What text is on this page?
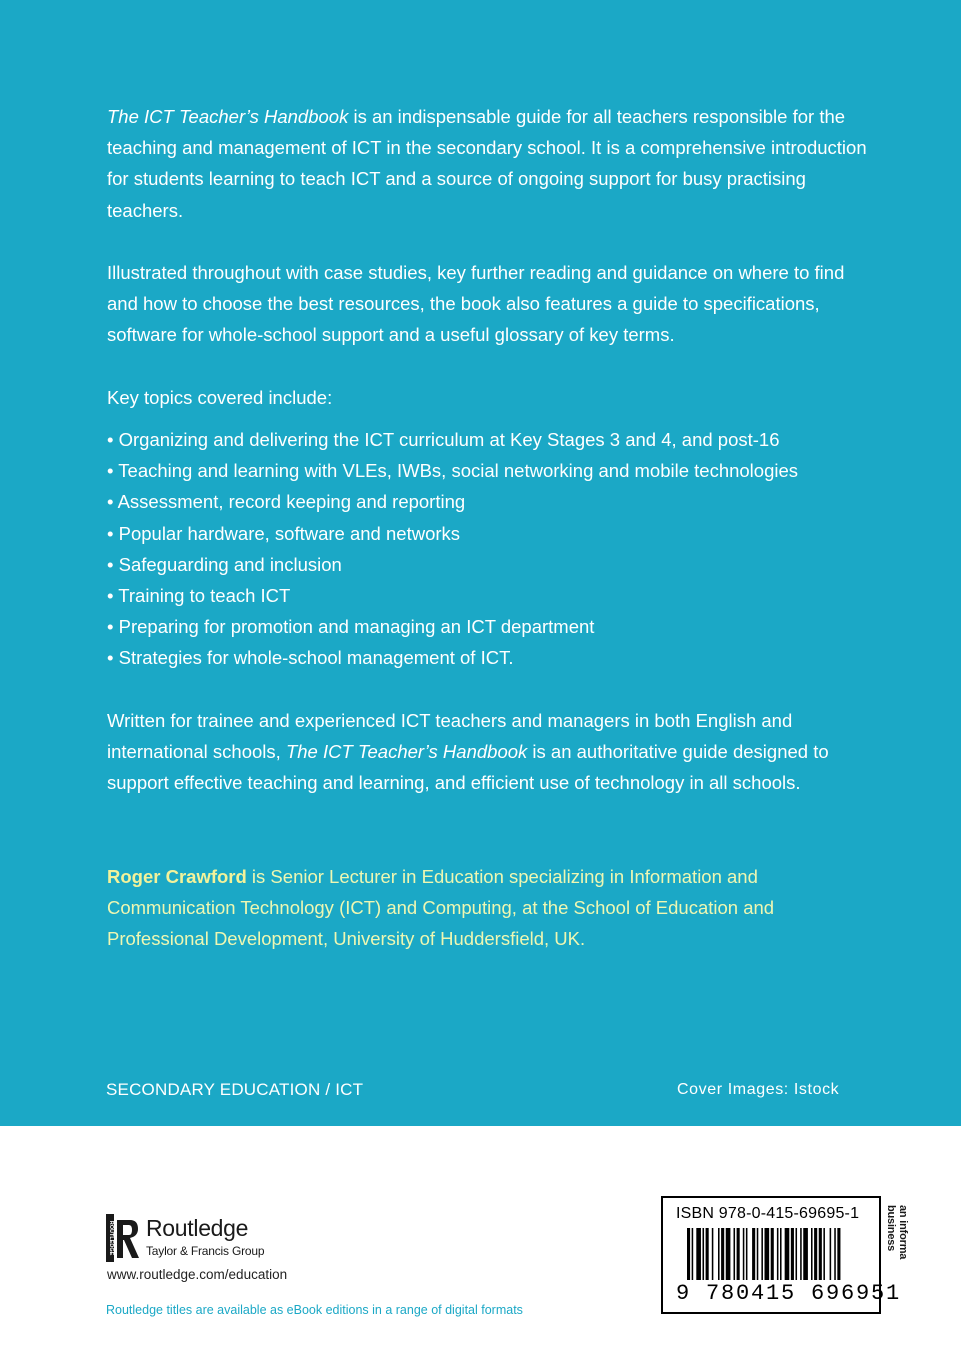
The ICT Teacher’s Handbook is an indispensable guide for all teachers responsible for the teaching and management of ICT in the secondary school. It is a comprehensive introduction for students learning to teach ICT and a source of ongoing support for busy practising teachers.

Illustrated throughout with case studies, key further reading and guidance on where to find and how to choose the best resources, the book also features a guide to specifications, software for whole-school support and a useful glossary of key terms.

Key topics covered include:

• Organizing and delivering the ICT curriculum at Key Stages 3 and 4, and post-16
• Teaching and learning with VLEs, IWBs, social networking and mobile technologies
• Assessment, record keeping and reporting
• Popular hardware, software and networks
• Safeguarding and inclusion
• Training to teach ICT
• Preparing for promotion and managing an ICT department
• Strategies for whole-school management of ICT.

Written for trainee and experienced ICT teachers and managers in both English and international schools, The ICT Teacher’s Handbook is an authoritative guide designed to support effective teaching and learning, and efficient use of technology in all schools.

Roger Crawford is Senior Lecturer in Education specializing in Information and Communication Technology (ICT) and Computing, at the School of Education and Professional Development, University of Huddersfield, UK.

SECONDARY EDUCATION / ICT	Cover Images: Istock
ROUTLEDGE Routledge
Taylor & Francis Group
www.routledge.com/education
Routledge titles are available as eBook editions in a range of digital formats
ISBN 978-0-415-69695-1
9 780415 696951
an informa business
